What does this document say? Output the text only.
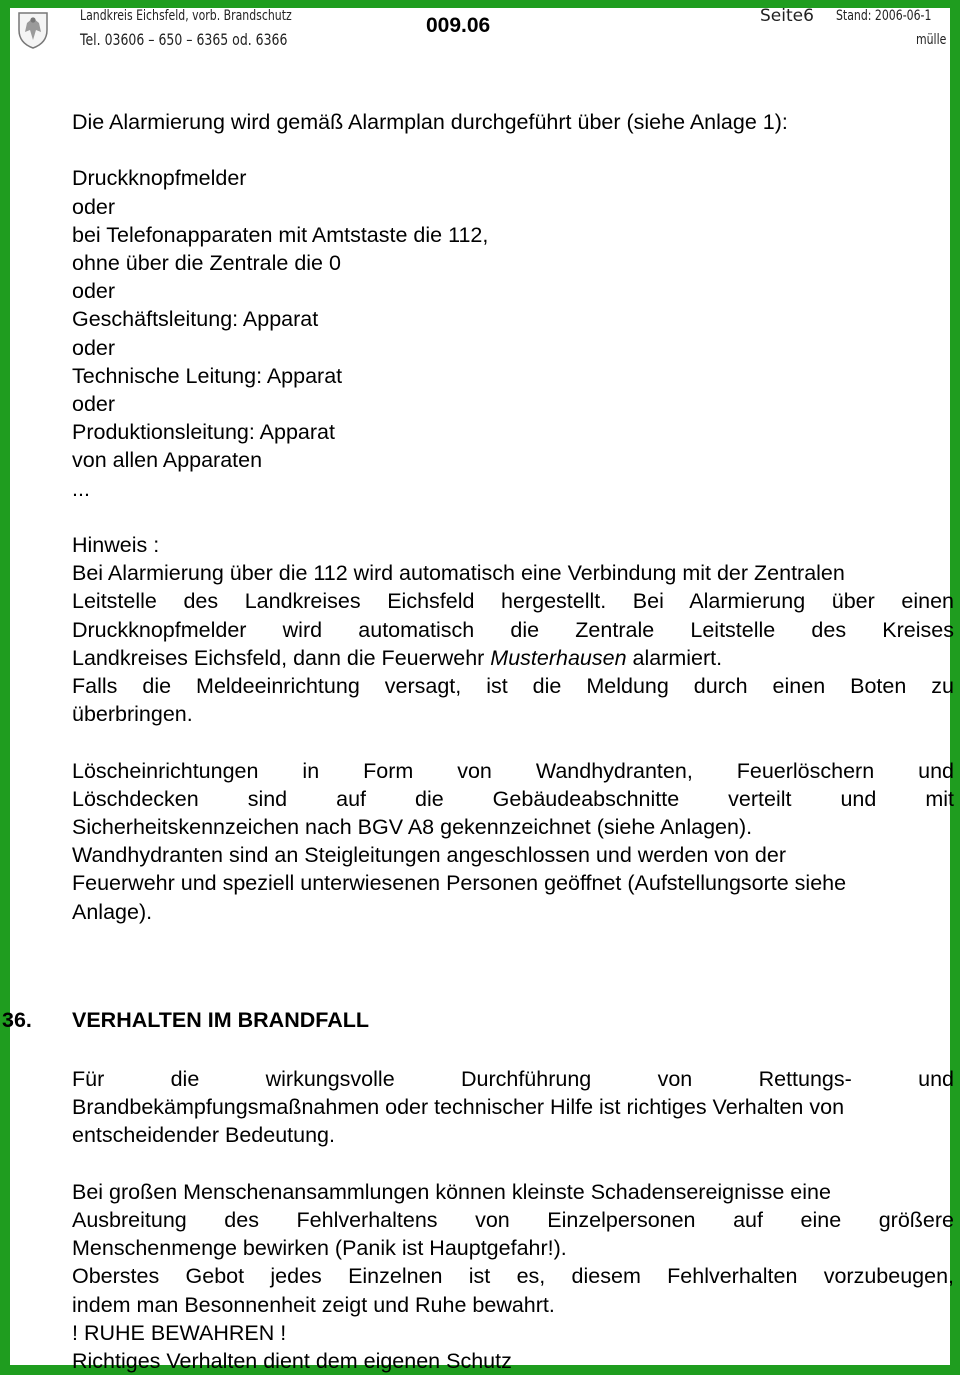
Landkreis Eichsfeld, vorb. Brandschutz
Tel. 03606 – 650 – 6365 od. 6366
009.06	Seite6 Stand: 2006-06-1
mülle

Die Alarmierung wird gemäß Alarmplan durchgeführt über (siehe Anlage 1):

Druckknopfmelder

oder

bei Telefonapparaten mit Amtstaste die 112,

ohne über die Zentrale die 0

oder

Geschäftsleitung: Apparat

oder

Technische Leitung: Apparat

oder

Produktionsleitung: Apparat

von allen Apparaten

...

Hinweis :

Bei Alarmierung über die 112 wird automatisch eine Verbindung mit der Zentralen

Leitstelle des Landkreises Eichsfeld hergestellt. Bei Alarmierung über einen

Druckknopfmelder wird automatisch die Zentrale Leitstelle des Kreises

Landkreises Eichsfeld, dann die Feuerwehr Musterhausen alarmiert.

Falls die Meldeeinrichtung versagt, ist die Meldung durch einen Boten zu

überbringen.

Löscheinrichtungen in Form von Wandhydranten, Feuerlöschern und

Löschdecken sind auf die Gebäudeabschnitte verteilt und mit

Sicherheitskennzeichen nach BGV A8 gekennzeichnet (siehe Anlagen).

Wandhydranten sind an Steigleitungen angeschlossen und werden von der

Feuerwehr und speziell unterwiesenen Personen geöffnet (Aufstellungsorte siehe

Anlage).

36. VERHALTEN IM BRANDFALL

Für die wirkungsvolle Durchführung von Rettungs- und

Brandbekämpfungsmaßnahmen oder technischer Hilfe ist richtiges Verhalten von

entscheidender Bedeutung.

Bei großen Menschenansammlungen können kleinste Schadensereignisse eine

Ausbreitung des Fehlverhaltens von Einzelpersonen auf eine größere

Menschenmenge bewirken (Panik ist Hauptgefahr!).

Oberstes Gebot jedes Einzelnen ist es, diesem Fehlverhalten vorzubeugen,

indem man Besonnenheit zeigt und Ruhe bewahrt.

! RUHE BEWAHREN !

Richtiges Verhalten dient dem eigenen Schutz
